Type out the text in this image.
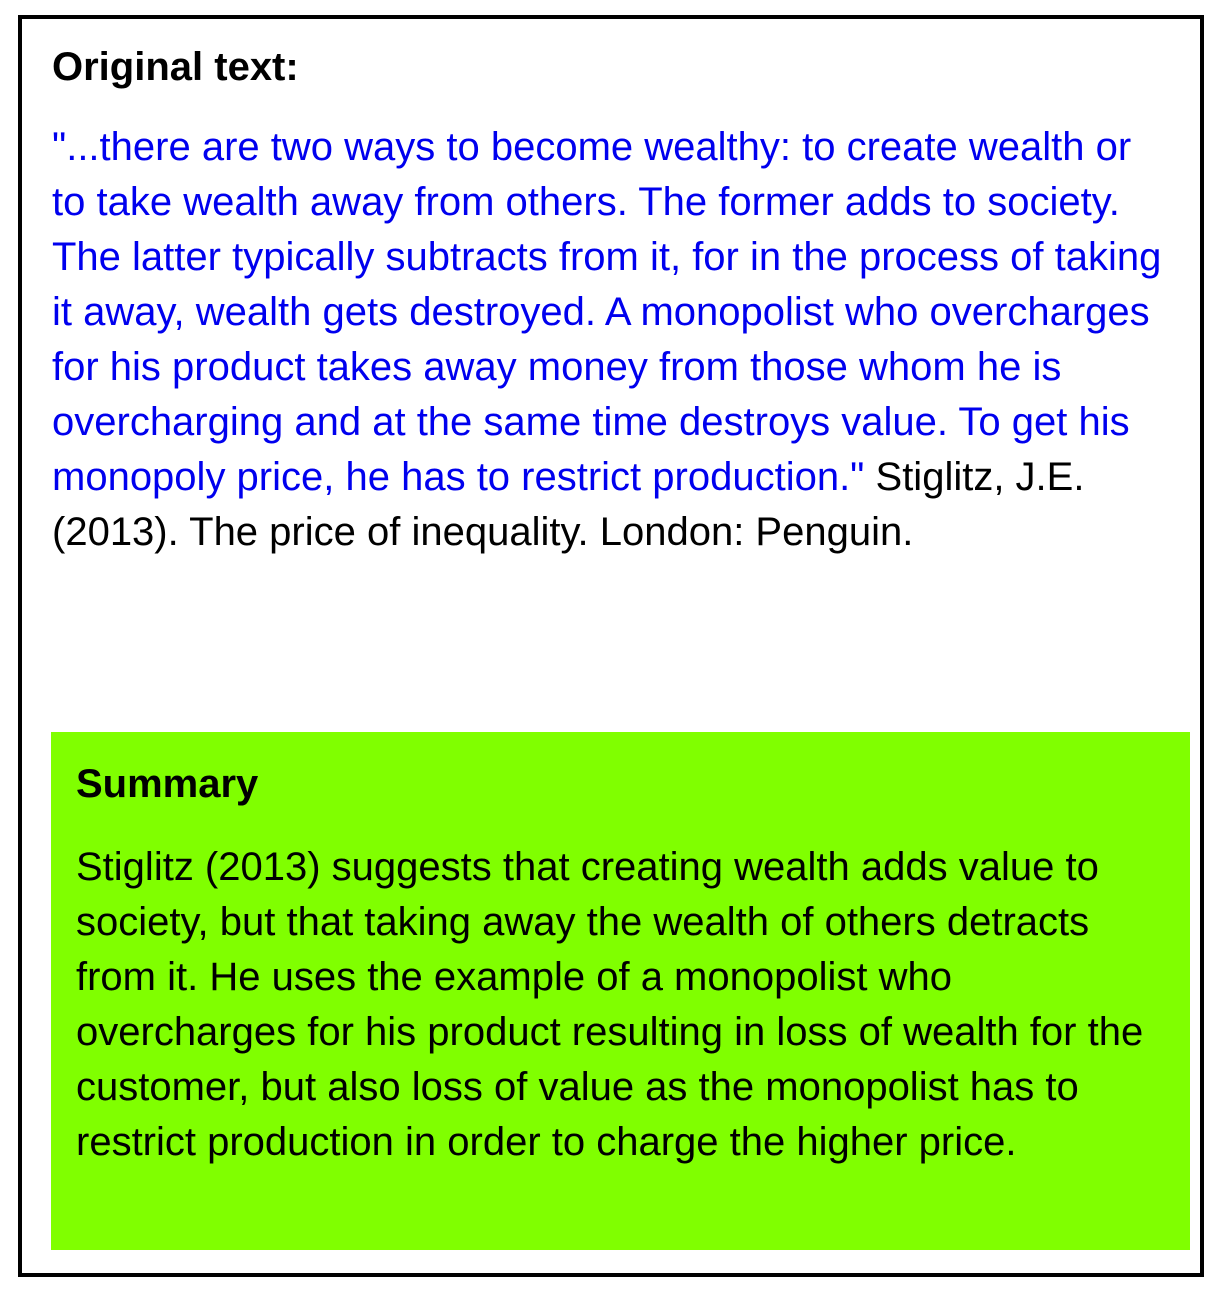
Original text:

"...there are two ways to become wealthy: to create wealth or to take wealth away from others. The former adds to society. The latter typically subtracts from it, for in the process of taking it away, wealth gets destroyed. A monopolist who overcharges for his product takes away money from those whom he is overcharging and at the same time destroys value. To get his monopoly price, he has to restrict production." Stiglitz, J.E. (2013). The price of inequality. London: Penguin.

Summary

Stiglitz (2013) suggests that creating wealth adds value to society, but that taking away the wealth of others detracts from it. He uses the example of a monopolist who overcharges for his product resulting in loss of wealth for the customer, but also loss of value as the monopolist has to restrict production in order to charge the higher price.
